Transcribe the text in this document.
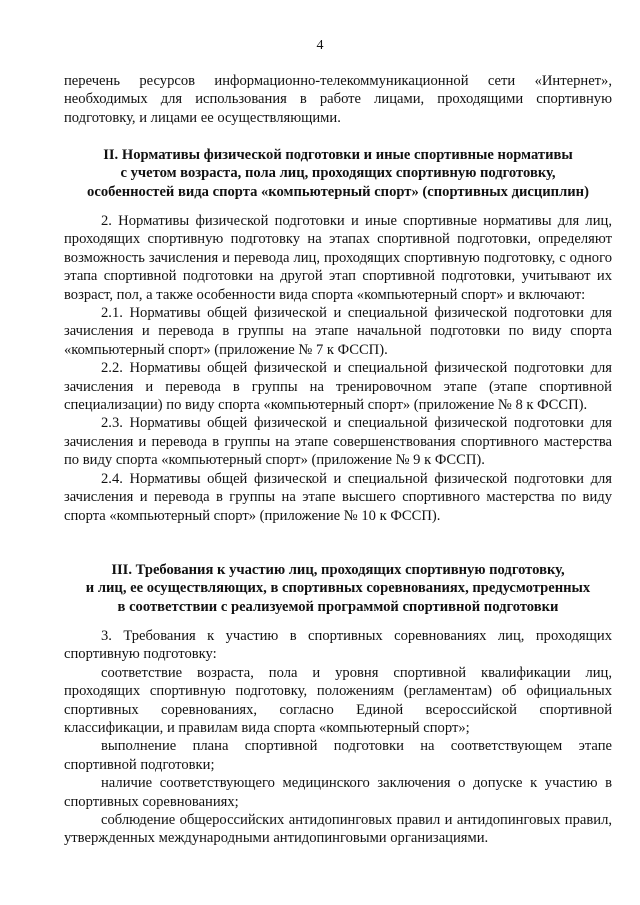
4

перечень ресурсов информационно-телекоммуникационной сети «Интернет», необходимых для использования в работе лицами, проходящими спортивную подготовку, и лицами ее осуществляющими.

II. Нормативы физической подготовки и иные спортивные нормативы
с учетом возраста, пола лиц, проходящих спортивную подготовку,
особенностей вида спорта «компьютерный спорт» (спортивных дисциплин)

2. Нормативы физической подготовки и иные спортивные нормативы для лиц, проходящих спортивную подготовку на этапах спортивной подготовки, определяют возможность зачисления и перевода лиц, проходящих спортивную подготовку, с одного этапа спортивной подготовки на другой этап спортивной подготовки, учитывают их возраст, пол, а также особенности вида спорта «компьютерный спорт» и включают:

2.1. Нормативы общей физической и специальной физической подготовки для зачисления и перевода в группы на этапе начальной подготовки по виду спорта «компьютерный спорт» (приложение № 7 к ФССП).

2.2. Нормативы общей физической и специальной физической подготовки для зачисления и перевода в группы на тренировочном этапе (этапе спортивной специализации) по виду спорта «компьютерный спорт» (приложение № 8 к ФССП).

2.3. Нормативы общей физической и специальной физической подготовки для зачисления и перевода в группы на этапе совершенствования спортивного мастерства по виду спорта «компьютерный спорт» (приложение № 9 к ФССП).

2.4. Нормативы общей физической и специальной физической подготовки для зачисления и перевода в группы на этапе высшего спортивного мастерства по виду спорта «компьютерный спорт» (приложение № 10 к ФССП).

III. Требования к участию лиц, проходящих спортивную подготовку,
и лиц, ее осуществляющих, в спортивных соревнованиях, предусмотренных
в соответствии с реализуемой программой спортивной подготовки

3. Требования к участию в спортивных соревнованиях лиц, проходящих спортивную подготовку:

соответствие возраста, пола и уровня спортивной квалификации лиц, проходящих спортивную подготовку, положениям (регламентам) об официальных спортивных соревнованиях, согласно Единой всероссийской спортивной классификации, и правилам вида спорта «компьютерный спорт»;

выполнение плана спортивной подготовки на соответствующем этапе спортивной подготовки;

наличие соответствующего медицинского заключения о допуске к участию в спортивных соревнованиях;

соблюдение общероссийских антидопинговых правил и антидопинговых правил, утвержденных международными антидопинговыми организациями.
